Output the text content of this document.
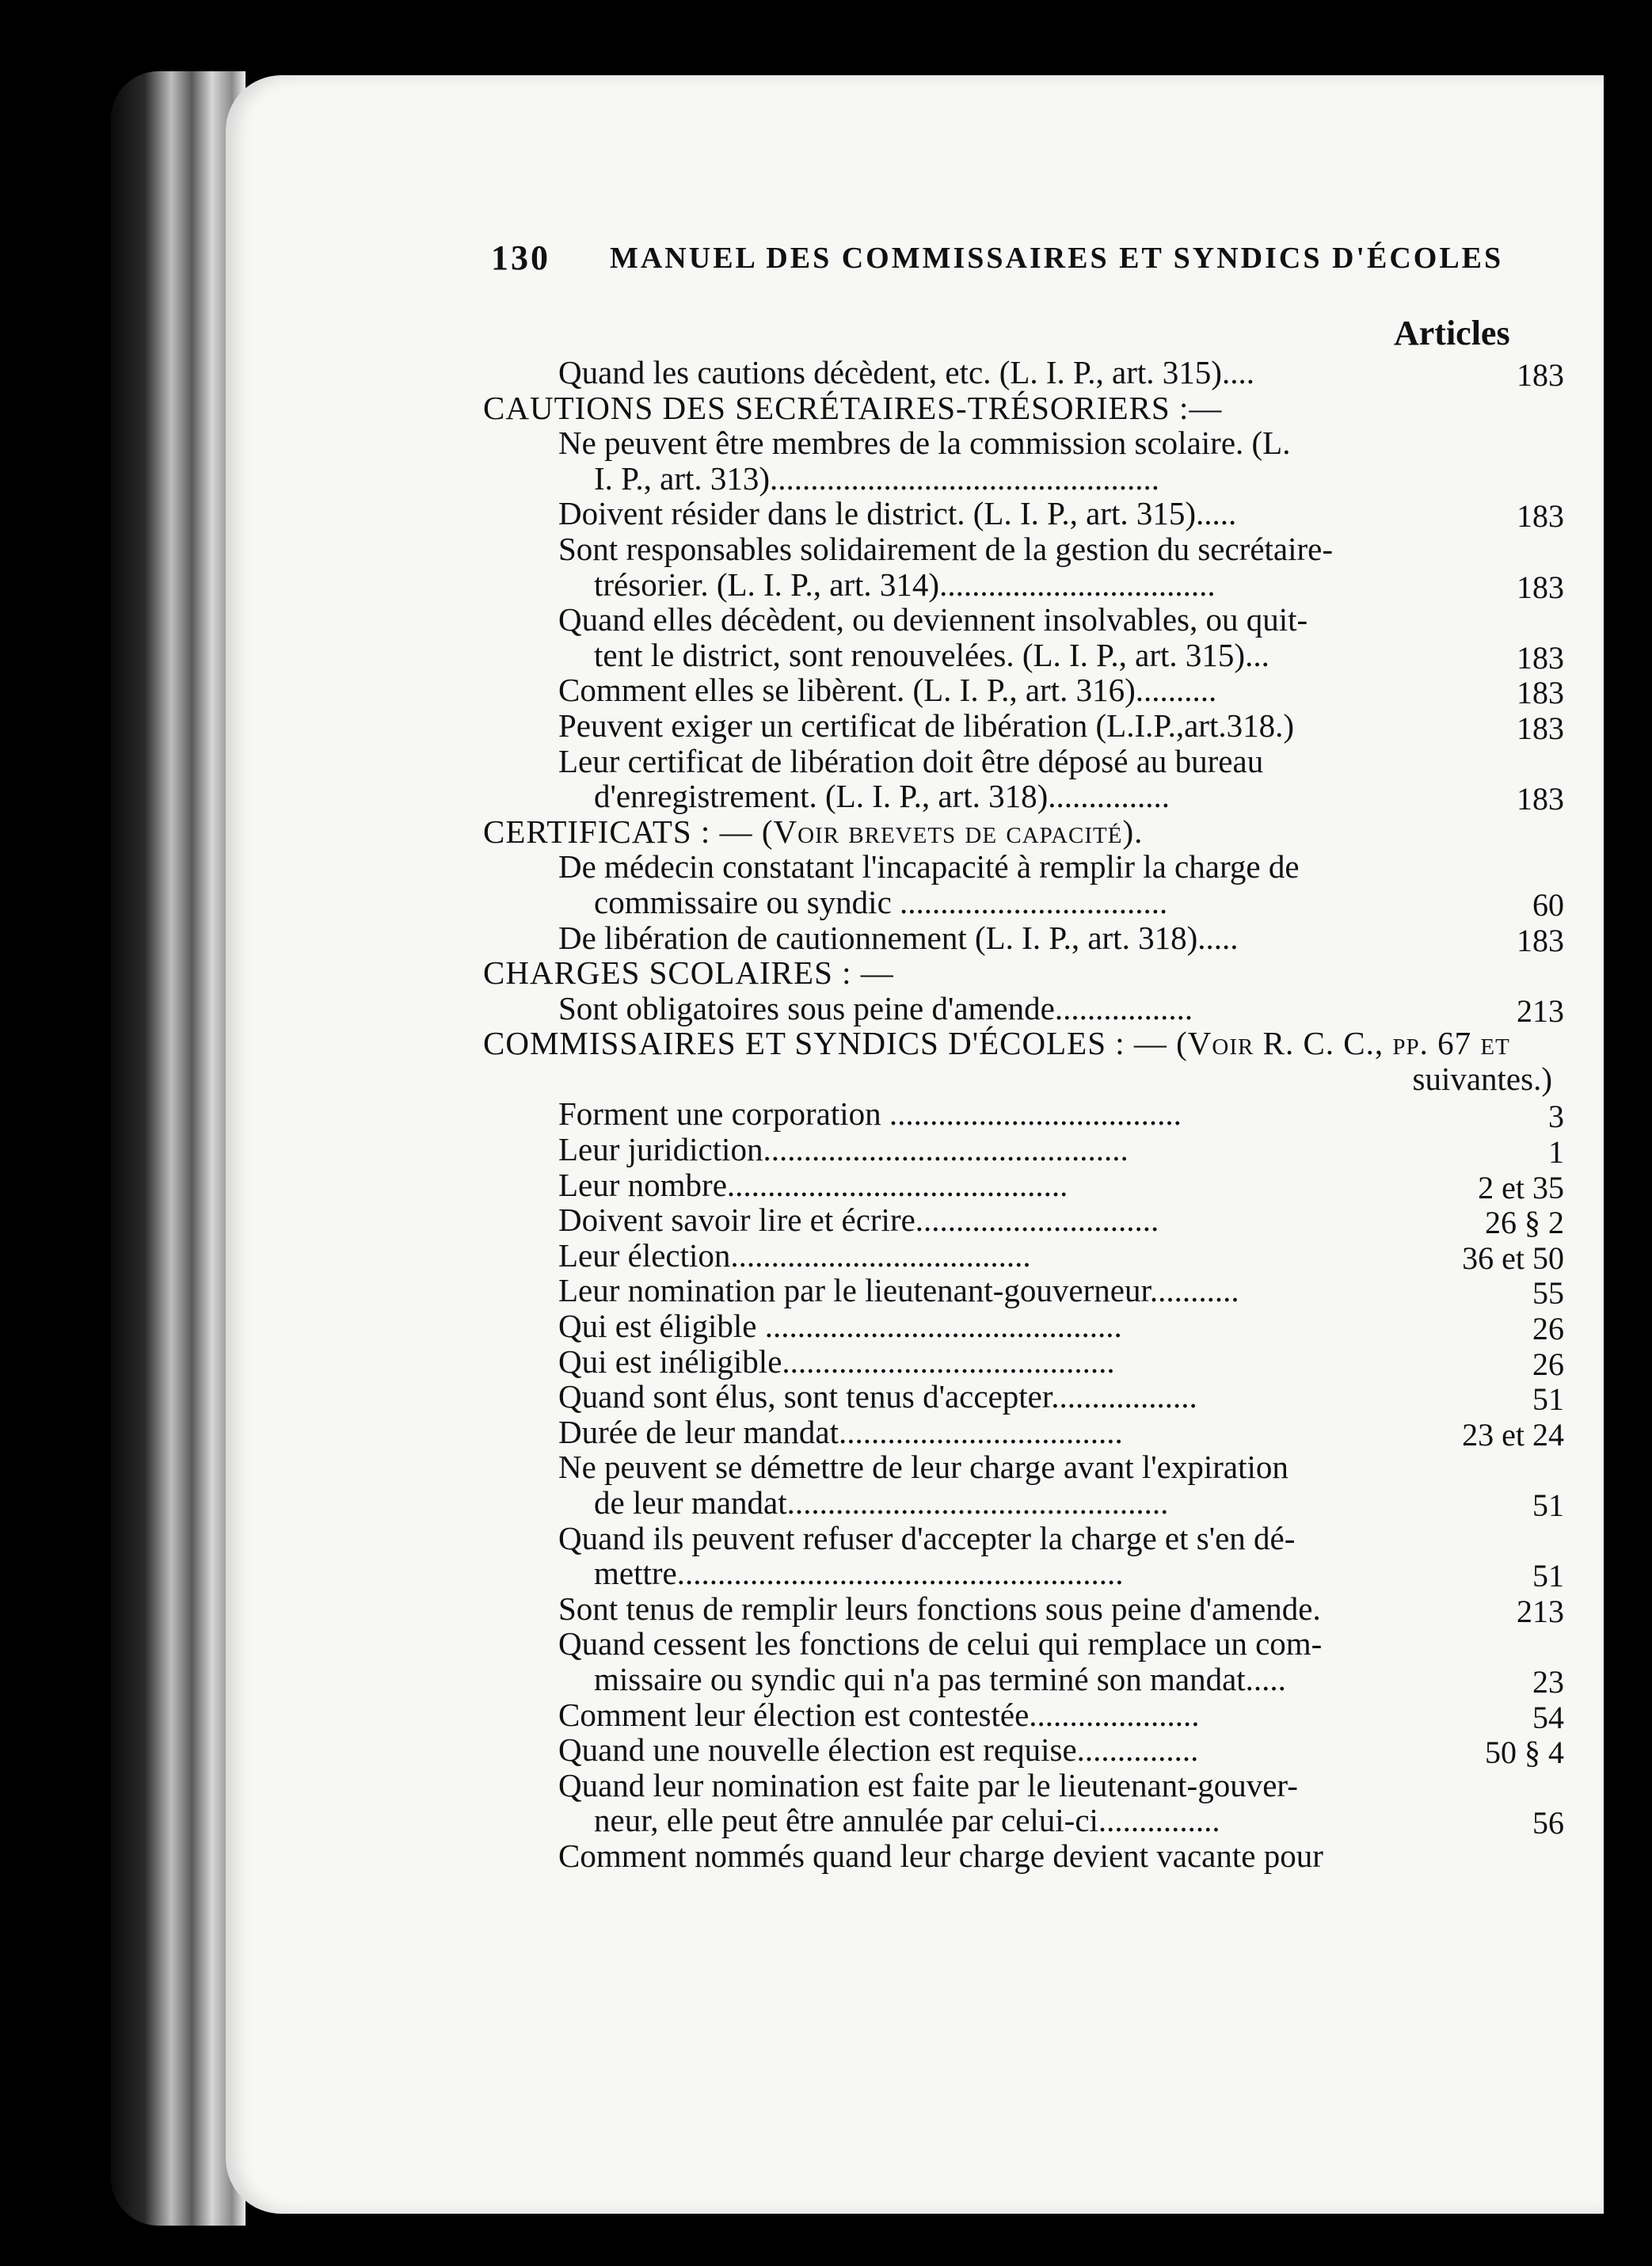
130 MANUEL DES COMMISSAIRES ET SYNDICS D'ÉCOLES
Articles
Quand les cautions décèdent, etc. (L. I. P., art. 315)....	183
CAUTIONS DES SECRÉTAIRES-TRÉSORIERS :—
Ne peuvent être membres de la commission scolaire. (L.
I. P., art. 313)................................................
Doivent résider dans le district. (L. I. P., art. 315).....	183
Sont responsables solidairement de la gestion du secrétaire-
trésorier. (L. I. P., art. 314)..................................	183
Quand elles décèdent, ou deviennent insolvables, ou quit-
tent le district, sont renouvelées. (L. I. P., art. 315)...	183
Comment elles se libèrent. (L. I. P., art. 316)..........	183
Peuvent exiger un certificat de libération (L.I.P.,art.318.)	183
Leur certificat de libération doit être déposé au bureau
d'enregistrement. (L. I. P., art. 318)...............	183
CERTIFICATS : — (Voir brevets de capacité).
De médecin constatant l'incapacité à remplir la charge de
commissaire ou syndic .................................	60
De libération de cautionnement (L. I. P., art. 318).....	183
CHARGES SCOLAIRES : —
Sont obligatoires sous peine d'amende.................	213
COMMISSAIRES ET SYNDICS D'ÉCOLES : — (Voir R. C. C., pp. 67 et
suivantes.)
Forment une corporation ....................................	3
Leur juridiction.............................................	1
Leur nombre..........................................	2 et 35
Doivent savoir lire et écrire..............................	26 § 2
Leur élection.....................................	36 et 50
Leur nomination par le lieutenant-gouverneur...........	55
Qui est éligible ............................................	26
Qui est inéligible.........................................	26
Quand sont élus, sont tenus d'accepter..................	51
Durée de leur mandat...................................	23 et 24
Ne peuvent se démettre de leur charge avant l'expiration
de leur mandat...............................................	51
Quand ils peuvent refuser d'accepter la charge et s'en dé-
mettre.......................................................	51
Sont tenus de remplir leurs fonctions sous peine d'amende.	213
Quand cessent les fonctions de celui qui remplace un com-
missaire ou syndic qui n'a pas terminé son mandat.....	23
Comment leur élection est contestée.....................	54
Quand une nouvelle élection est requise...............	50 § 4
Quand leur nomination est faite par le lieutenant-gouver-
neur, elle peut être annulée par celui-ci...............	56
Comment nommés quand leur charge devient vacante pour
